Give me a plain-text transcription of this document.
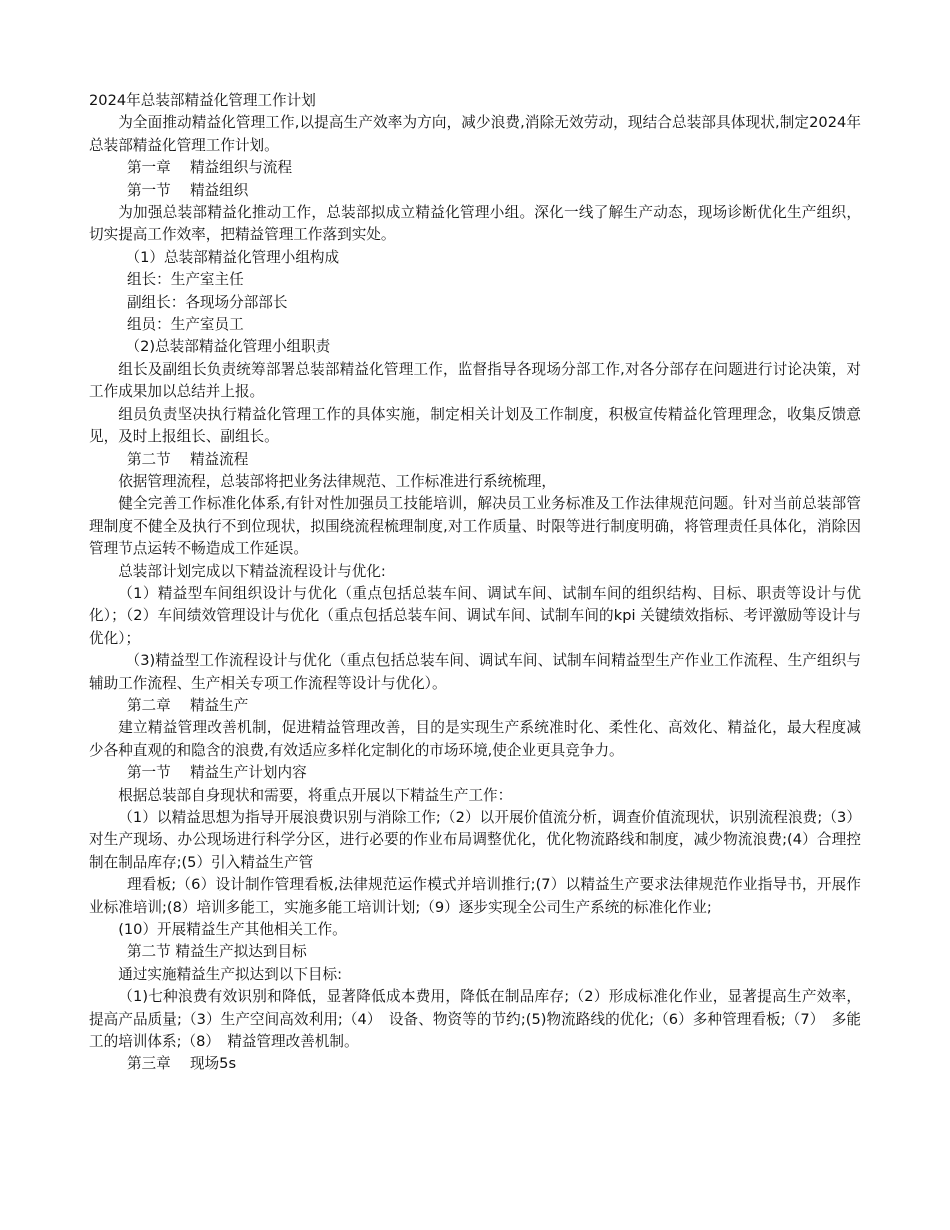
2024年总装部精益化管理工作计划

为全面推动精益化管理工作,以提高生产效率为方向，减少浪费,消除无效劳动，现结合总装部具体现状,制定2024年总装部精益化管理工作计划。

第一章　 精益组织与流程

第一节　 精益组织

为加强总装部精益化推动工作，总装部拟成立精益化管理小组。深化一线了解生产动态，现场诊断优化生产组织，切实提高工作效率，把精益管理工作落到实处。

（1）总装部精益化管理小组构成

组长：生产室主任

副组长：各现场分部部长

组员：生产室员工

（2)总装部精益化管理小组职责

组长及副组长负责统筹部署总装部精益化管理工作，监督指导各现场分部工作,对各分部存在问题进行讨论决策，对工作成果加以总结并上报。

组员负责坚决执行精益化管理工作的具体实施，制定相关计划及工作制度，积极宣传精益化管理理念，收集反馈意见，及时上报组长、副组长。

第二节　 精益流程

依据管理流程，总装部将把业务法律规范、工作标准进行系统梳理，

健全完善工作标准化体系,有针对性加强员工技能培训，解决员工业务标准及工作法律规范问题。针对当前总装部管理制度不健全及执行不到位现状，拟围绕流程梳理制度,对工作质量、时限等进行制度明确，将管理责任具体化，消除因管理节点运转不畅造成工作延误。

总装部计划完成以下精益流程设计与优化:

（1）精益型车间组织设计与优化（重点包括总装车间、调试车间、试制车间的组织结构、目标、职责等设计与优化）；（2）车间绩效管理设计与优化（重点包括总装车间、调试车间、试制车间的kpi 关键绩效指标、考评激励等设计与优化）；

（3)精益型工作流程设计与优化（重点包括总装车间、调试车间、试制车间精益型生产作业工作流程、生产组织与辅助工作流程、生产相关专项工作流程等设计与优化）。

第二章　 精益生产

建立精益管理改善机制，促进精益管理改善，目的是实现生产系统准时化、柔性化、高效化、精益化，最大程度减少各种直观的和隐含的浪费,有效适应多样化定制化的市场环境,使企业更具竞争力。

第一节　 精益生产计划内容

根据总装部自身现状和需要，将重点开展以下精益生产工作：

（1）以精益思想为指导开展浪费识别与消除工作;（2）以开展价值流分析，调查价值流现状，识别流程浪费;（3）对生产现场、办公现场进行科学分区，进行必要的作业布局调整优化，优化物流路线和制度，减少物流浪费;(4）合理控制在制品库存;(5）引入精益生产管

理看板;（6）设计制作管理看板,法律规范运作模式并培训推行;(7）以精益生产要求法律规范作业指导书，开展作业标准培训;(8）培训多能工，实施多能工培训计划;（9）逐步实现全公司生产系统的标准化作业;

(10）开展精益生产其他相关工作。

第二节 精益生产拟达到目标

通过实施精益生产拟达到以下目标:

（1)七种浪费有效识别和降低，显著降低成本费用，降低在制品库存;（2）形成标准化作业，显著提高生产效率，提高产品质量;（3）生产空间高效利用;（4）　设备、物资等的节约;(5)物流路线的优化;（6）多种管理看板;（7）　多能工的培训体系;（8）　精益管理改善机制。

第三章　 现场5s
